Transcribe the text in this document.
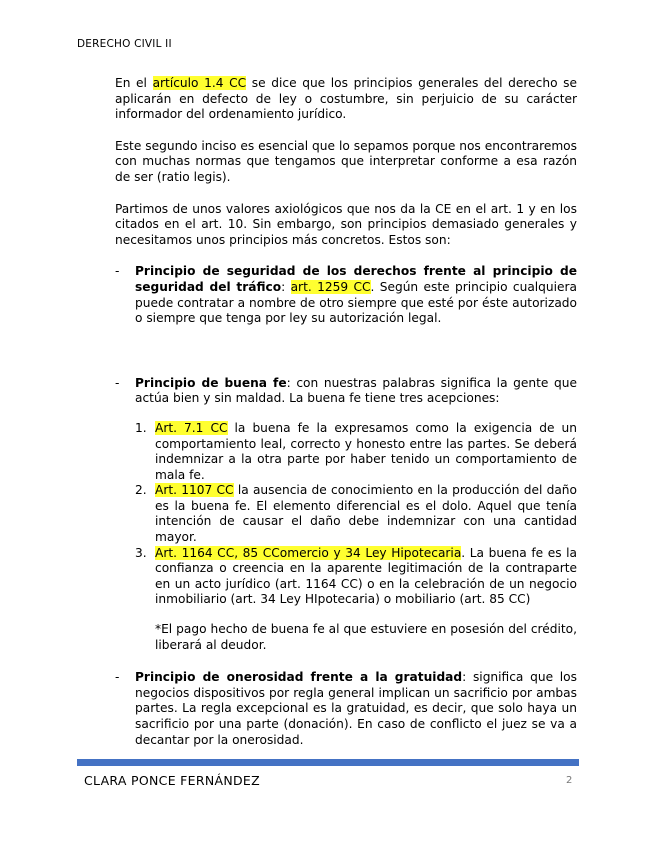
DERECHO CIVIL II

En el artículo 1.4 CC se dice que los principios generales del derecho se aplicarán en defecto de ley o costumbre, sin perjuicio de su carácter informador del ordenamiento jurídico.

Este segundo inciso es esencial que lo sepamos porque nos encontraremos con muchas normas que tengamos que interpretar conforme a esa razón de ser (ratio legis).

Partimos de unos valores axiológicos que nos da la CE en el art. 1 y en los citados en el art. 10. Sin embargo, son principios demasiado generales y necesitamos unos principios más concretos. Estos son:

- Principio de seguridad de los derechos frente al principio de seguridad del tráfico: art. 1259 CC. Según este principio cualquiera puede contratar a nombre de otro siempre que esté por éste autorizado o siempre que tenga por ley su autorización legal.
- Principio de buena fe: con nuestras palabras significa la gente que actúa bien y sin maldad. La buena fe tiene tres acepciones:
1. Art. 7.1 CC la buena fe la expresamos como la exigencia de un comportamiento leal, correcto y honesto entre las partes. Se deberá indemnizar a la otra parte por haber tenido un comportamiento de mala fe.
2. Art. 1107 CC la ausencia de conocimiento en la producción del daño es la buena fe. El elemento diferencial es el dolo. Aquel que tenía intención de causar el daño debe indemnizar con una cantidad mayor.
3. Art. 1164 CC, 85 CComercio y 34 Ley Hipotecaria. La buena fe es la confianza o creencia en la aparente legitimación de la contraparte en un acto jurídico (art. 1164 CC) o en la celebración de un negocio inmobiliario (art. 34 Ley HIpotecaria) o mobiliario (art. 85 CC)

*El pago hecho de buena fe al que estuviere en posesión del crédito, liberará al deudor.

- Principio de onerosidad frente a la gratuidad: significa que los negocios dispositivos por regla general implican un sacrificio por ambas partes. La regla excepcional es la gratuidad, es decir, que solo haya un sacrificio por una parte (donación). En caso de conflicto el juez se va a decantar por la onerosidad.
CLARA PONCE FERNÁNDEZ	2
